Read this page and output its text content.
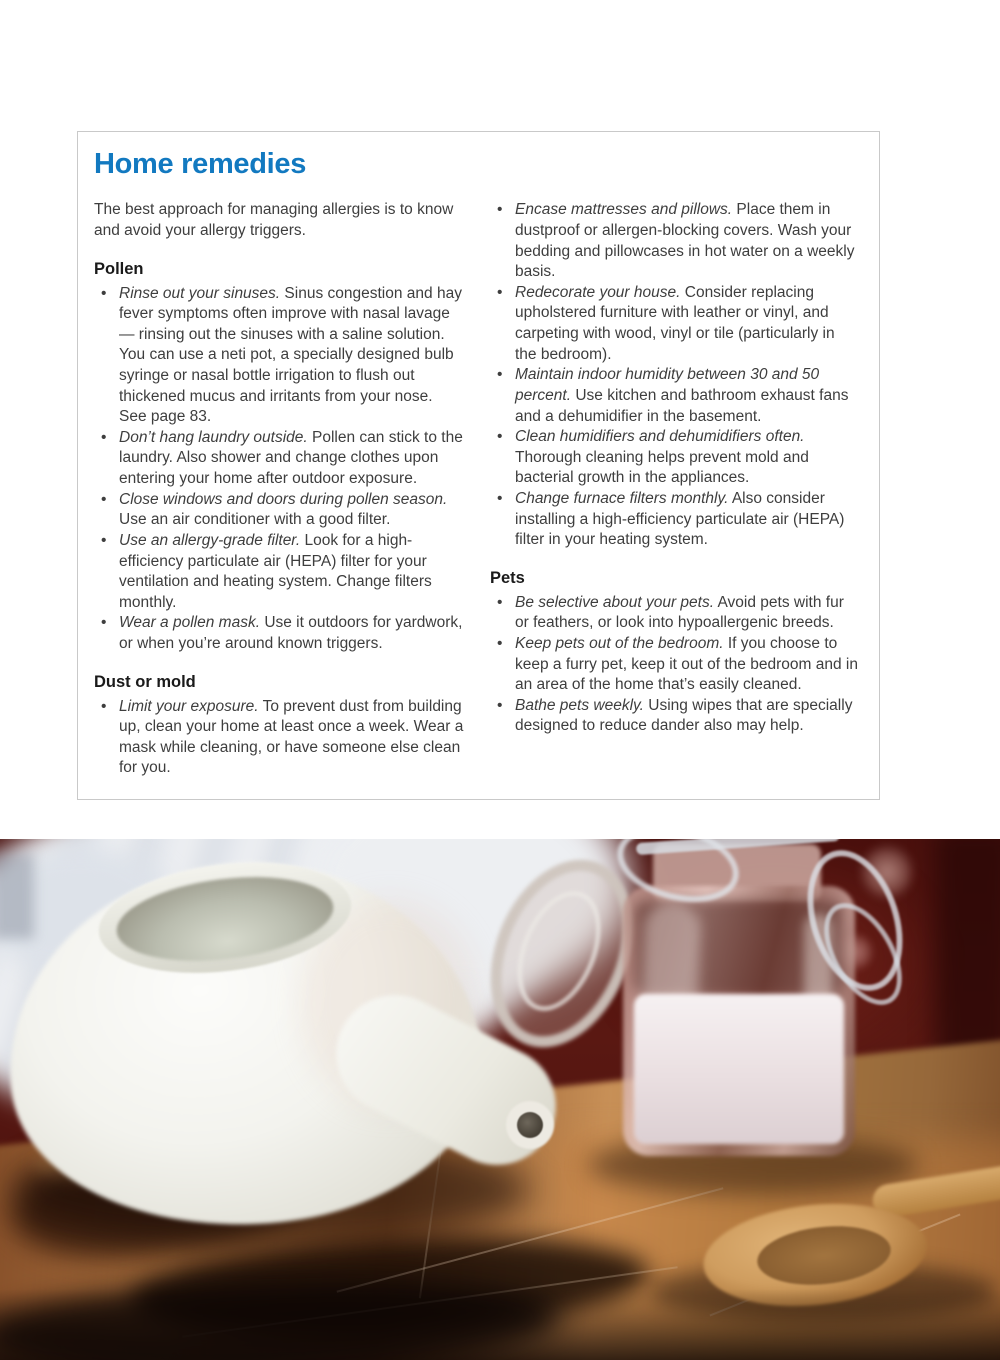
Home remedies

The best approach for managing allergies is to know and avoid your allergy triggers.

Pollen
• Rinse out your sinuses. Sinus congestion and hay fever symptoms often improve with nasal lavage — rinsing out the sinuses with a saline solution. You can use a neti pot, a specially designed bulb syringe or nasal bottle irrigation to flush out thickened mucus and irritants from your nose. See page 83.
• Don’t hang laundry outside. Pollen can stick to the laundry. Also shower and change clothes upon entering your home after outdoor exposure.
• Close windows and doors during pollen season. Use an air conditioner with a good filter.
• Use an allergy-grade filter. Look for a high-efficiency particulate air (HEPA) filter for your ventilation and heating system. Change filters monthly.
• Wear a pollen mask. Use it outdoors for yardwork, or when you’re around known triggers.
Dust or mold
• Limit your exposure. To prevent dust from building up, clean your home at least once a week. Wear a mask while cleaning, or have someone else clean for you.
• Encase mattresses and pillows. Place them in dustproof or allergen-blocking covers. Wash your bedding and pillowcases in hot water on a weekly basis.
• Redecorate your house. Consider replacing upholstered furniture with leather or vinyl, and carpeting with wood, vinyl or tile (particularly in the bedroom).
• Maintain indoor humidity between 30 and 50 percent. Use kitchen and bathroom exhaust fans and a dehumidifier in the basement.
• Clean humidifiers and dehumidifiers often. Thorough cleaning helps prevent mold and bacterial growth in the appliances.
• Change furnace filters monthly. Also consider installing a high-efficiency particulate air (HEPA) filter in your heating system.
Pets
• Be selective about your pets. Avoid pets with fur or feathers, or look into hypoallergenic breeds.
• Keep pets out of the bedroom. If you choose to keep a furry pet, keep it out of the bedroom and in an area of the home that’s easily cleaned.
• Bathe pets weekly. Using wipes that are specially designed to reduce dander also may help.
